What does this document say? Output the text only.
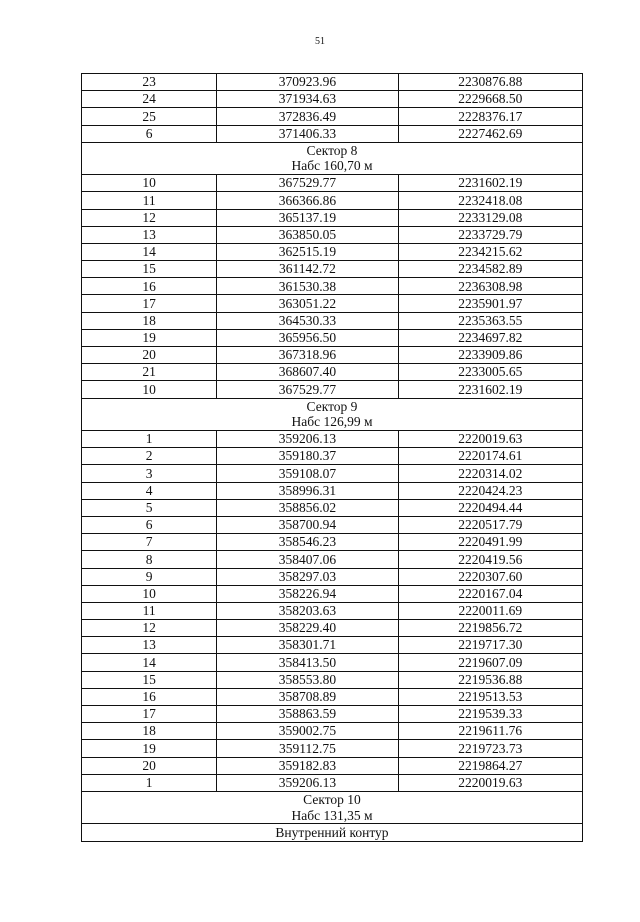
51
23	370923.96	2230876.88
24	371934.63	2229668.50
25	372836.49	2228376.17
6	371406.33	2227462.69

Сектор 8
Набс 160,70 м		

10	367529.77	2231602.19
11	366366.86	2232418.08
12	365137.19	2233129.08
13	363850.05	2233729.79
14	362515.19	2234215.62
15	361142.72	2234582.89
16	361530.38	2236308.98
17	363051.22	2235901.97
18	364530.33	2235363.55
19	365956.50	2234697.82
20	367318.96	2233909.86
21	368607.40	2233005.65
10	367529.77	2231602.19

Сектор 9
Набс 126,99 м		

1	359206.13	2220019.63
2	359180.37	2220174.61
3	359108.07	2220314.02
4	358996.31	2220424.23
5	358856.02	2220494.44
6	358700.94	2220517.79
7	358546.23	2220491.99
8	358407.06	2220419.56
9	358297.03	2220307.60
10	358226.94	2220167.04
11	358203.63	2220011.69
12	358229.40	2219856.72
13	358301.71	2219717.30
14	358413.50	2219607.09
15	358553.80	2219536.88
16	358708.89	2219513.53
17	358863.59	2219539.33
18	359002.75	2219611.76
19	359112.75	2219723.73
20	359182.83	2219864.27
1	359206.13	2220019.63

Сектор 10
Набс 131,35 м		

Внутренний контур		
